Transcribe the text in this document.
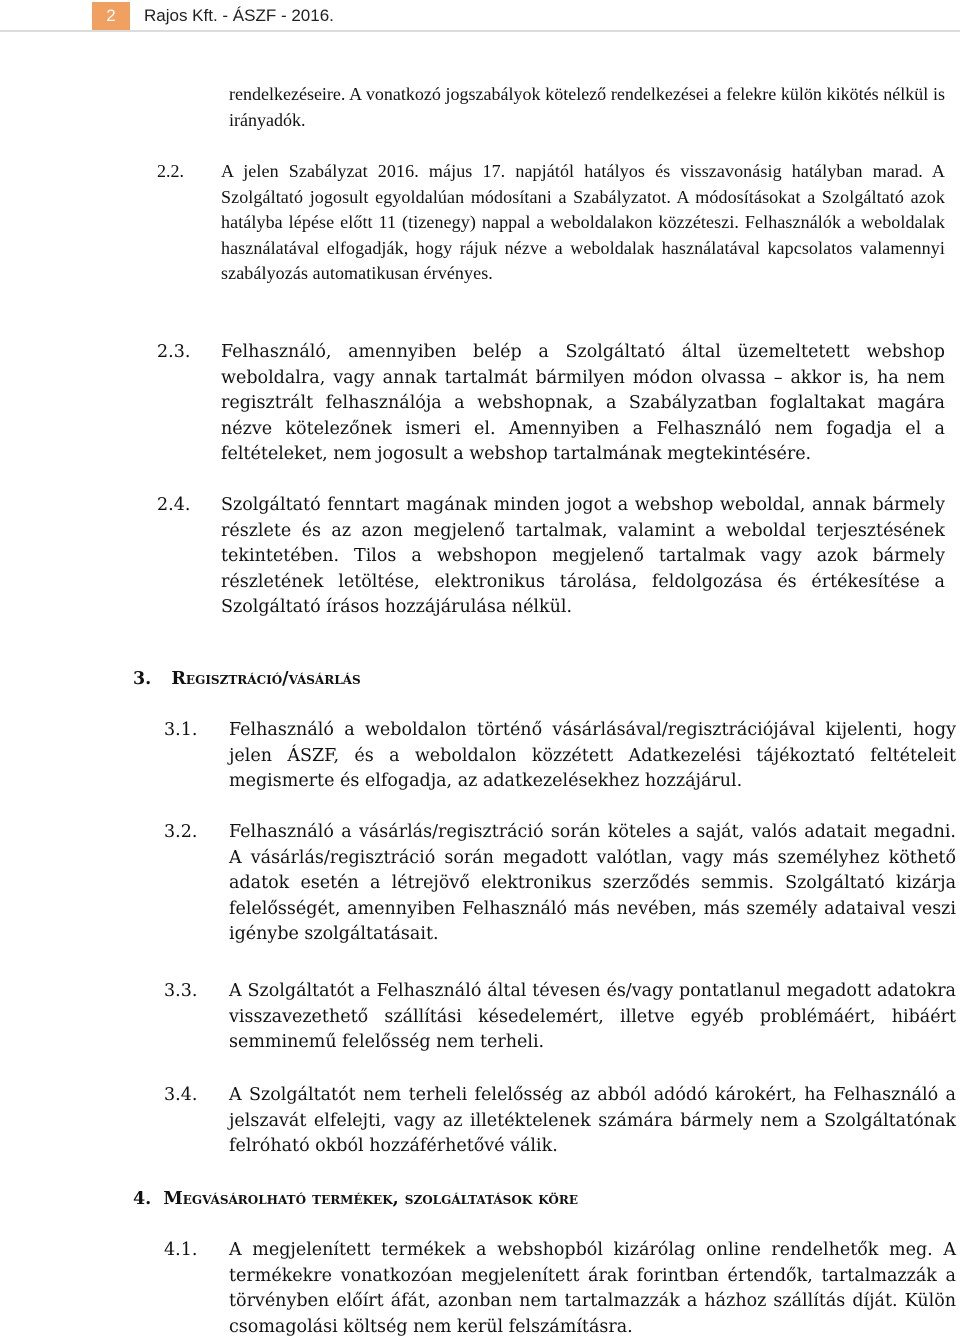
2	Rajos Kft. - ÁSZF - 2016.
rendelkezéseire. A vonatkozó jogszabályok kötelező rendelkezései a felekre külön kikötés nélkül is irányadók.
2.2. A jelen Szabályzat 2016. május 17. napjától hatályos és visszavonásig hatályban marad. A Szolgáltató jogosult egyoldalúan módosítani a Szabályzatot. A módosításokat a Szolgáltató azok hatályba lépése előtt 11 (tizenegy) nappal a weboldalakon közzéteszi. Felhasználók a weboldalak használatával elfogadják, hogy rájuk nézve a weboldalak használatával kapcsolatos valamennyi szabályozás automatikusan érvényes.
2.3. Felhasználó, amennyiben belép a Szolgáltató által üzemeltetett webshop weboldalra, vagy annak tartalmát bármilyen módon olvassa – akkor is, ha nem regisztrált felhasználója a webshopnak, a Szabályzatban foglaltakat magára nézve kötelezőnek ismeri el. Amennyiben a Felhasználó nem fogadja el a feltételeket, nem jogosult a webshop tartalmának megtekintésére.
2.4. Szolgáltató fenntart magának minden jogot a webshop weboldal, annak bármely részlete és az azon megjelenő tartalmak, valamint a weboldal terjesztésének tekintetében. Tilos a webshopon megjelenő tartalmak vagy azok bármely részletének letöltése, elektronikus tárolása, feldolgozása és értékesítése a Szolgáltató írásos hozzájárulása nélkül.
3. Regisztráció/vásárlás
3.1. Felhasználó a weboldalon történő vásárlásával/regisztrációjával kijelenti, hogy jelen ÁSZF, és a weboldalon közzétett Adatkezelési tájékoztató feltételeit megismerte és elfogadja, az adatkezelésekhez hozzájárul.
3.2. Felhasználó a vásárlás/regisztráció során köteles a saját, valós adatait megadni. A vásárlás/regisztráció során megadott valótlan, vagy más személyhez köthető adatok esetén a létrejövő elektronikus szerződés semmis. Szolgáltató kizárja felelősségét, amennyiben Felhasználó más nevében, más személy adataival veszi igénybe szolgáltatásait.
3.3. A Szolgáltatót a Felhasználó által tévesen és/vagy pontatlanul megadott adatokra visszavezethető szállítási késedelemért, illetve egyéb problémáért, hibáért semminemű felelősség nem terheli.
3.4. A Szolgáltatót nem terheli felelősség az abból adódó károkért, ha Felhasználó a jelszavát elfelejti, vagy az illetéktelenek számára bármely nem a Szolgáltatónak felróható okból hozzáférhetővé válik.
4. Megvásárolható termékek, szolgáltatások köre
4.1. A megjelenített termékek a webshopból kizárólag online rendelhetők meg. A termékekre vonatkozóan megjelenített árak forintban értendők, tartalmazzák a törvényben előírt áfát, azonban nem tartalmazzák a házhoz szállítás díját. Külön csomagolási költség nem kerül felszámításra.
